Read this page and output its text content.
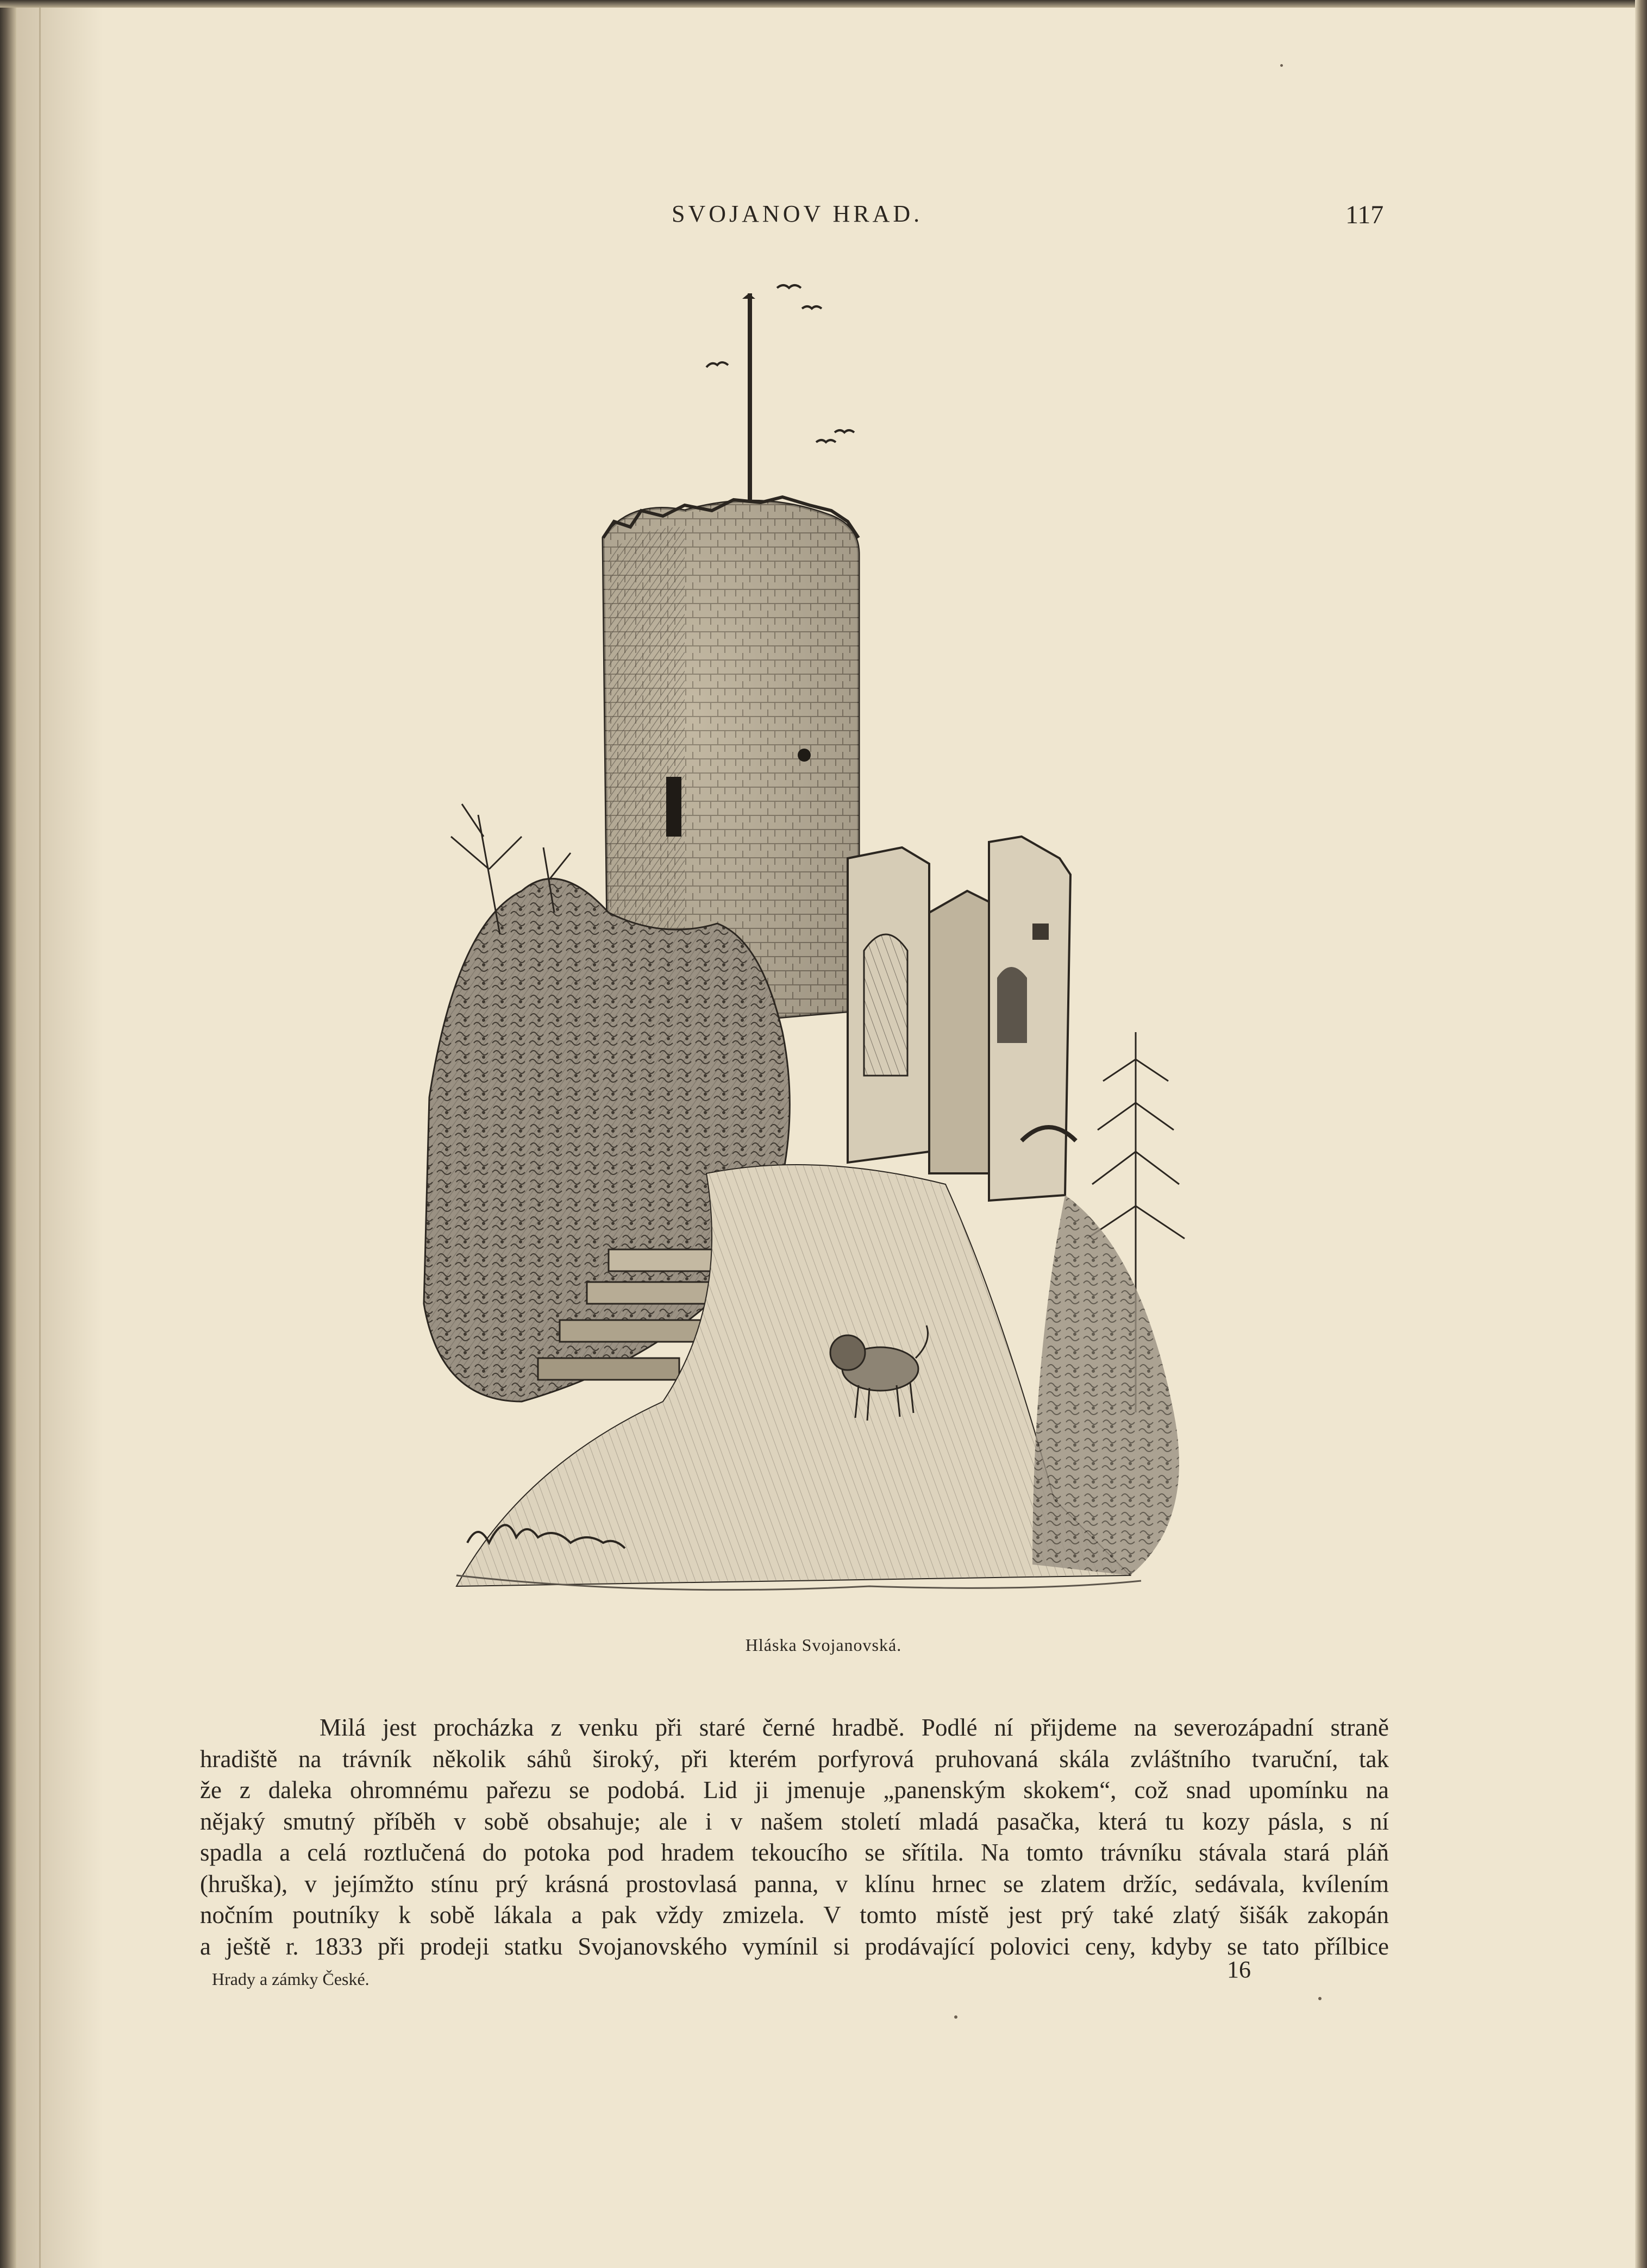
SVOJANOV HRAD.	117
Hláska Svojanovská.
Milá jest procházka z venku při staré černé hradbě. Podlé ní přijdeme na severozápadní straně
hradiště na trávník několik sáhů široký, při kterém porfyrová pruhovaná skála zvláštního tvaruční, tak
že z daleka ohromnému pařezu se podobá. Lid ji jmenuje „panenským skokem“, což snad upomínku na
nějaký smutný příběh v sobě obsahuje; ale i v našem století mladá pasačka, která tu kozy pásla, s ní
spadla a celá roztlučená do potoka pod hradem tekoucího se sřítila. Na tomto trávníku stávala stará pláň
(hruška), v jejímžto stínu prý krásná prostovlasá panna, v klínu hrnec se zlatem držíc, sedávala, kvílením
nočním poutníky k sobě lákala a pak vždy zmizela. V tomto místě jest prý také zlatý šišák zakopán
a ještě r. 1833 při prodeji statku Svojanovského vymínil si prodávající polovici ceny, kdyby se tato přílbice
Hrady a zámky České.	16
